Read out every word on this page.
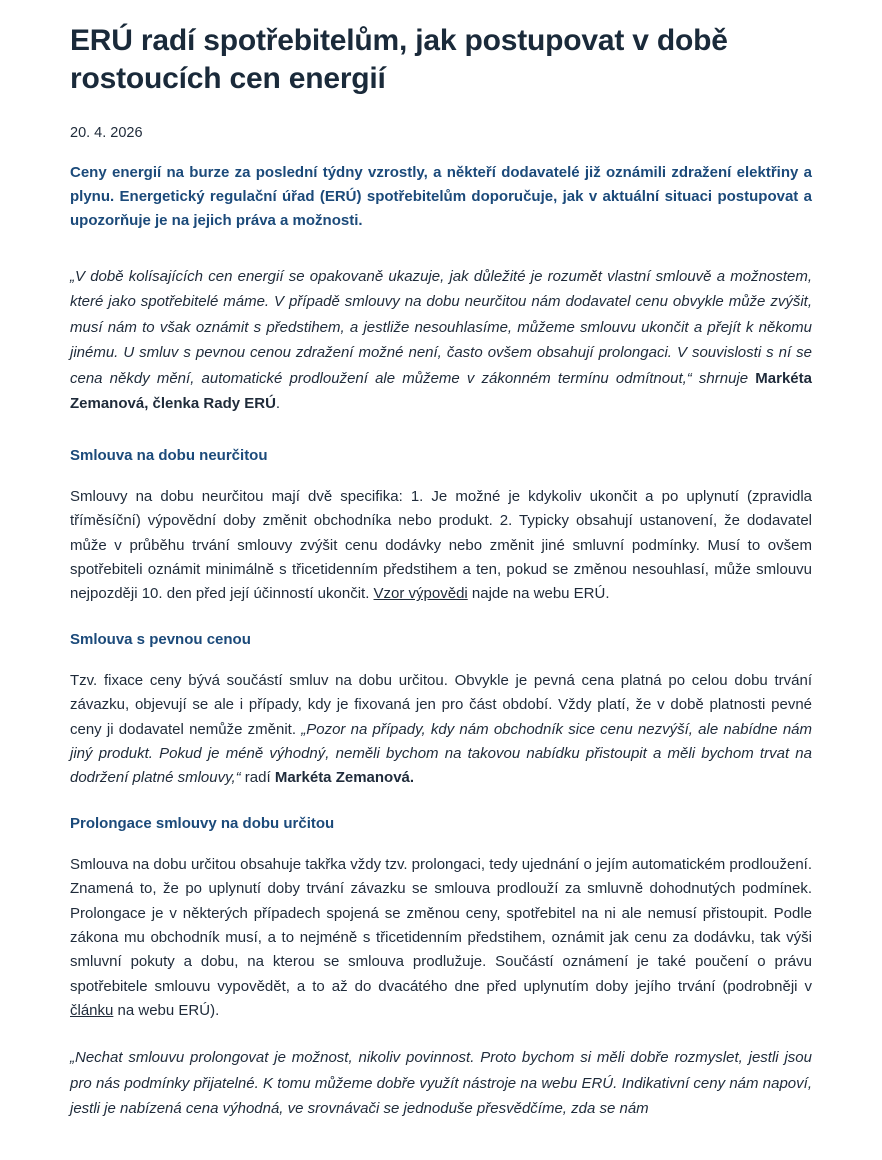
ERÚ radí spotřebitelům, jak postupovat v době rostoucích cen energií
20. 4. 2026

Ceny energií na burze za poslední týdny vzrostly, a někteří dodavatelé již oznámili zdražení elektřiny a plynu. Energetický regulační úřad (ERÚ) spotřebitelům doporučuje, jak v aktuální situaci postupovat a upozorňuje je na jejich práva a možnosti.

„V době kolísajících cen energií se opakovaně ukazuje, jak důležité je rozumět vlastní smlouvě a možnostem, které jako spotřebitelé máme. V případě smlouvy na dobu neurčitou nám dodavatel cenu obvykle může zvýšit, musí nám to však oznámit s předstihem, a jestliže nesouhlasíme, můžeme smlouvu ukončit a přejít k někomu jinému. U smluv s pevnou cenou zdražení možné není, často ovšem obsahují prolongaci. V souvislosti s ní se cena někdy mění, automatické prodloužení ale můžeme v zákonném termínu odmítnout,“ shrnuje Markéta Zemanová, členka Rady ERÚ.

Smlouva na dobu neurčitou

Smlouvy na dobu neurčitou mají dvě specifika: 1. Je možné je kdykoliv ukončit a po uplynutí (zpravidla tříměsíční) výpovědní doby změnit obchodníka nebo produkt. 2. Typicky obsahují ustanovení, že dodavatel může v průběhu trvání smlouvy zvýšit cenu dodávky nebo změnit jiné smluvní podmínky. Musí to ovšem spotřebiteli oznámit minimálně s třicetidenním předstihem a ten, pokud se změnou nesouhlasí, může smlouvu nejpozději 10. den před její účinností ukončit. Vzor výpovědi najde na webu ERÚ.

Smlouva s pevnou cenou

Tzv. fixace ceny bývá součástí smluv na dobu určitou. Obvykle je pevná cena platná po celou dobu trvání závazku, objevují se ale i případy, kdy je fixovaná jen pro část období. Vždy platí, že v době platnosti pevné ceny ji dodavatel nemůže změnit. „Pozor na případy, kdy nám obchodník sice cenu nezvýší, ale nabídne nám jiný produkt. Pokud je méně výhodný, neměli bychom na takovou nabídku přistoupit a měli bychom trvat na dodržení platné smlouvy,“ radí Markéta Zemanová.

Prolongace smlouvy na dobu určitou

Smlouva na dobu určitou obsahuje takřka vždy tzv. prolongaci, tedy ujednání o jejím automatickém prodloužení. Znamená to, že po uplynutí doby trvání závazku se smlouva prodlouží za smluvně dohodnutých podmínek. Prolongace je v některých případech spojená se změnou ceny, spotřebitel na ni ale nemusí přistoupit. Podle zákona mu obchodník musí, a to nejméně s třicetidenním předstihem, oznámit jak cenu za dodávku, tak výši smluvní pokuty a dobu, na kterou se smlouva prodlužuje. Součástí oznámení je také poučení o právu spotřebitele smlouvu vypovědět, a to až do dvacátého dne před uplynutím doby jejího trvání (podrobněji v článku na webu ERÚ).

„Nechat smlouvu prolongovat je možnost, nikoliv povinnost. Proto bychom si měli dobře rozmyslet, jestli jsou pro nás podmínky přijatelné. K tomu můžeme dobře využít nástroje na webu ERÚ. Indikativní ceny nám napoví, jestli je nabízená cena výhodná, ve srovnávači se jednoduše přesvědčíme, zda se nám
